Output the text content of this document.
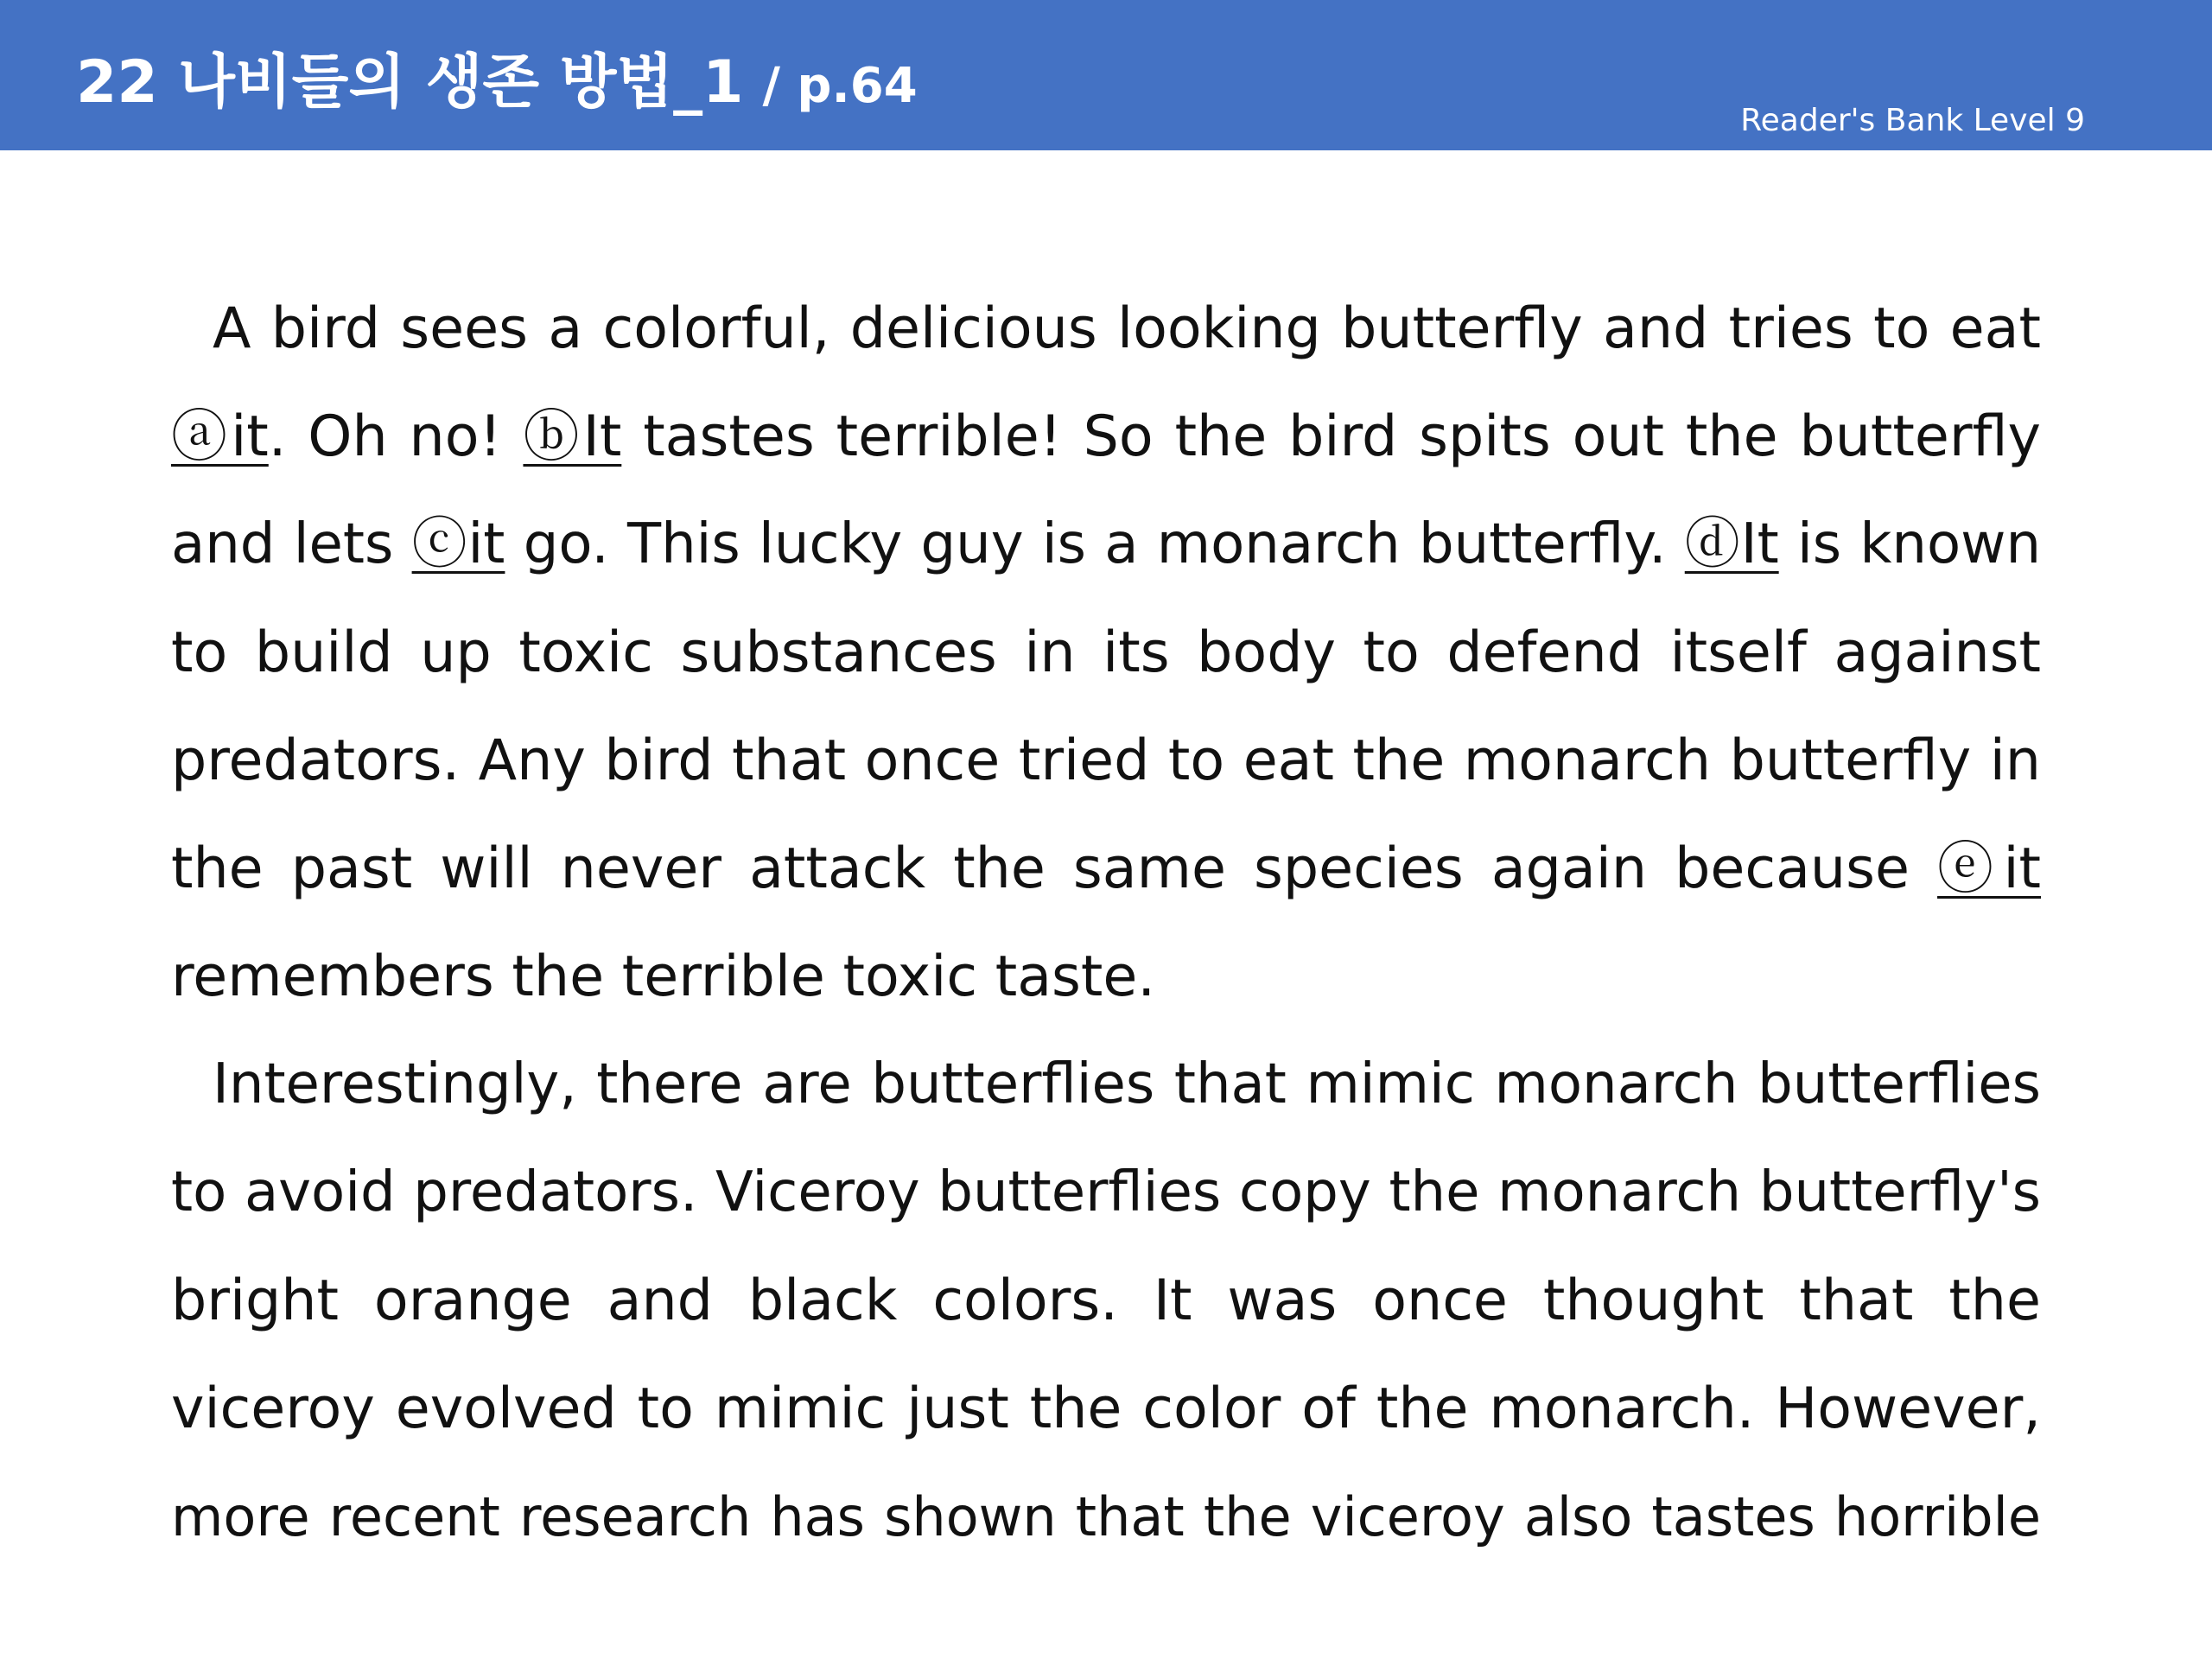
22 나비들의 생존 방법_1 / p.64
Reader's Bank Level 9
A bird sees a colorful, delicious looking butterfly and tries to eat
ⓐit. Oh no! ⓑIt tastes terrible! So the bird spits out the butterfly
and lets ⓒit go. This lucky guy is a monarch butterfly. ⓓIt is known
to build up toxic substances in its body to defend itself against
predators. Any bird that once tried to eat the monarch butterfly in
the past will never attack the same species again because ⓔit
remembers the terrible toxic taste.
Interestingly, there are butterflies that mimic monarch butterflies
to avoid predators. Viceroy butterflies copy the monarch butterfly's
bright orange and black colors. It was once thought that the
viceroy evolved to mimic just the color of the monarch. However,
more recent research has shown that the viceroy also tastes horrible
